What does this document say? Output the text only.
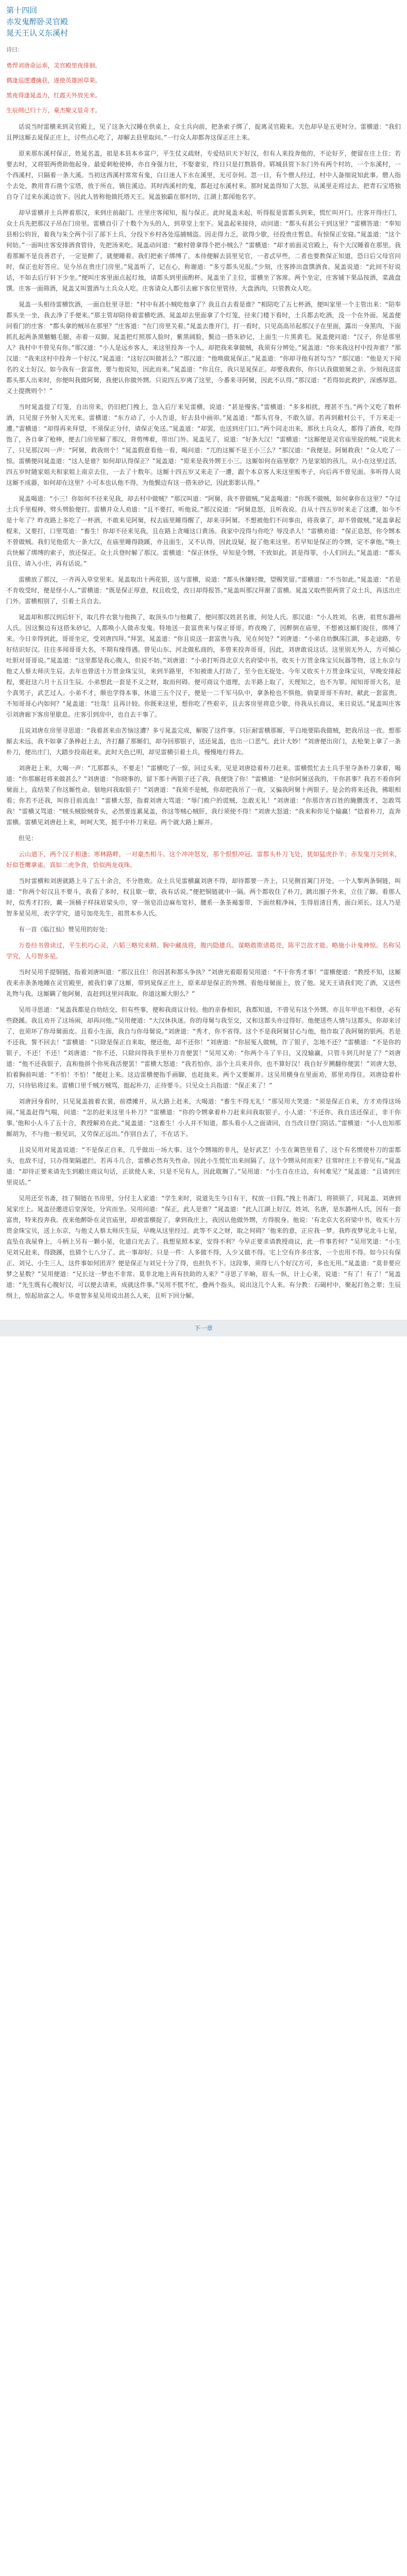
第十四回
赤发鬼醉卧灵官殿
晁天王认义东溪村
诗曰：

勇悍刘唐命运乖，灵官殿里夜徘徊。

偶逢巡逻遭擒获，遂使英雄困草莱。

黑夜得逢晁盖力，红霞天外放光来。

生辰纲已归十万，豪杰聚义显奇才。

话说当时雷横来到灵官殿上，见了这条大汉睡在供桌上，众土兵向前，把条索子绑了，捉离灵官殿来。天色却早是五更时分。雷横道：“我们且押这厮去晁保正庄上，讨些点心吃了，却解去县里取问。”一行众人却都奔这保正庄上来。

原来那东溪村保正，姓晁名盖，祖是本县本乡富户，平生仗义疏财，专爱结识天下好汉，但有人来投奔他的，不论好歹，便留在庄上住；若要去时，又将银两赍助他起身。最爱刺枪使棒，亦自身强力壮，不娶妻室，终日只是打熬筋骨。郓城县管下东门外有两个村坊，一个东溪村，一个西溪村，只隔着一条大溪。当初这西溪村常常有鬼，白日迷人下水在溪里，无可奈何。忽一日，有个僧人经过，村中人备细说知此事。僧人指个去处，教用青石凿个宝塔，放于所在，镇住溪边。其时西溪村的鬼，都赶过东溪村来。那时晁盖得知了大怒，从溪里走将过去，把青石宝塔独自夺了过来东溪边放下。因此人皆称他做托塔天王。晁盖独霸在那村坊，江湖上都闻他名字。

却早雷横并土兵押着那汉，来到庄前敲门。庄里庄客闻知，报与保正。此时晁盖未起，听得报是雷都头到来，慌忙叫开门。庄客开得庄门，众土兵先把那汉子吊在门房里。雷横自引了十数个为头的人，到草堂上坐下。晁盖起来接待，动问道：“都头有甚公干到这里？”雷横答道：“奉知县相公钧旨，着我与朱仝两个引了部下土兵，分投下乡村各处巡捕贼盗。因走得力乏，欲得少歇，径投贵庄暂息。有惊保正安寝。”晁盖道：“这个何妨。”一面叫庄客安排酒食管待，先把汤来吃。晁盖动问道：“敝村曾拿得个把小贼么？”雷横道：“却才前面灵官殿上，有个大汉睡着在那里。我看那厮不是良善君子，一定是醉了，就便睡着。我们把索子绑缚了，本待便解去县里见官，一者忒早些，二者也要教保正知道，恐日后父母官问时，保正也好答应。见今吊在贵庄门房里。”晁盖听了，记在心，称谢道：“多亏都头见报。”少刻，庄客捧出盘馔酒食。晁盖说道：“此间不好说话，不如去后厅轩下少坐。”便叫庄客里面点起灯烛，请都头到里面酌杯。晁盖坐了主位，雷横坐了客席。两个坐定，庄客铺下果品按酒，菜蔬盘馔。庄客一面筛酒，晁盖又叫置酒与土兵众人吃。庄客请众人都引去廊下客位里管待，大盘酒肉，只管教众人吃。

晁盖一头相待雷横饮酒，一面自肚里寻思：“村中有甚小贼吃他拿了？我且自去看是谁？”相陪吃了五七杯酒，便叫家里一个主管出来：“陪奉都头坐一坐，我去净了手便来。”那主管却陪侍着雷横吃酒。晁盖却去里面拿了个灯笼，径来门楼下看时，土兵都去吃酒，没一个在外面。晁盖便问看门的庄客：“都头拿的贼吊在那里？”庄客道：“在门房里关着。”晁盖去推开门，打一看时，只见高高吊起那汉子在里面，露出一身黑肉，下面抓扎起两条黑魆魆毛腿，赤着一双脚。晁盖把灯照那人脸时，紫黑阔脸，鬓边一搭朱砂记，上面生一片黑黄毛。晁盖便问道：“汉子，你是那里人？我村中不曾见有你。”那汉道：“小人是远乡客人，来这里投奔一个人，却把我来拿做贼，我须有分辨处。”晁盖道：“你来我这村中投奔谁？”那汉道：“我来这村中投奔一个好汉。”晁盖道：“这好汉叫做甚么？”那汉道：“他唤做晁保正。”晁盖道：“你却寻他有甚勾当？”那汉道：“他是天下闻名的义士好汉。如今我有一套富贵，要与他说知，因此而来。”晁盖道：“你且住，我只是晁保正。却要我救你，你只认我做娘舅之亲。少刻我送雷都头那人出来时，你便叫我做阿舅，我便认你做外甥。只说四五岁离了这里，今番来寻阿舅，因此不认得。”那汉道：“若得如此救护，深感厚恩。义士提携则个！”

当时晁盖提了灯笼，自出房来，仍旧把门拽上，急入后厅来见雷横，说道：“甚是慢客。”雷横道：“多多相扰，理甚不当。”两个又吃了数杯酒，只见窗子外射入天光来。雷横道：“东方动了，小人告退，好去县中画卯。”晁盖道：“都头官身，不敢久留。若再到敝村公干，千万来走一遭。”雷横道：“却得再来拜望，不须保正分付，请保正免送。”晁盖道：“却罢，也送到庄门口。”两个同走出来，那伙土兵众人，都得了酒食，吃得饱了，各自拿了枪棒，便去门房里解了那汉，背剪缚着，带出门外。晁盖见了，说道：“好条大汉！”雷横道：“这厮便是灵官庙里捉的贼。”说犹未了，只见那汉叫一声：“阿舅，救我则个！”晁盖假意看他一看，喝问道：“兀的这厮不是王小三么？”那汉道：“我便是。阿舅救我！”众人吃了一惊。雷横便问晁盖道：“这人是谁？如何却认得保正？”晁盖道：“原来是我外甥王小三。这厮如何在庙里歇？乃是家姐的孩儿，从小在这里过活，四五岁时随家姐夫和家姐上南京去住，一去了十数年。这厮十四五岁又来走了一遭，跟个本京客人来这里贩枣子，向后再不曾见面。多听得人说这厮不成器，如何却在这里？小可本也认他不得，为他鬓边有这一搭朱砂记，因此影影认得。”

晁盖喝道：“小三！你如何不径来见我，却去村中做贼？”那汉叫道：“阿舅，我不曾做贼。”晁盖喝道：“你既不做贼，如何拿你在这里？”夺过土兵手里棍棒，劈头劈脸便打。雷横并众人劝道：“且不要打，听他说。”那汉说道：“阿舅息怒，且听我说。自从十四五岁时来走了这遭，如今不是十年了？昨夜路上多吃了一杯酒，不敢来见阿舅，权去庙里睡得醒了，却来寻阿舅。不想被他们不问事由，将我拿了，却不曾做贼。”晁盖拿起棍来，又要打，口里骂道：“畜生！你却不径来见我，且在路上贪噇这口黄汤。我家中没得与你吃？辱没杀人！”雷横劝道：“保正息怒，你令甥本不曾做贼。我们见他偌大一条大汉，在庙里睡得跷蹊，亦且面生，又不认得，因此设疑，捉了他来这里。若早知是保正的令甥，定不拿他。”唤土兵快解了绑缚的索子，放还保正。众土兵登时解了那汉。雷横道：“保正休怪，早知是令甥，不致如此。甚是得罪，小人们回去。”晁盖道：“都头且住，请入小庄，再有话说。”

雷横放了那汉，一齐再入草堂里来。晁盖取出十两花银，送与雷横，说道：“都头休嫌轻微，望赐笑留。”雷横道：“不当如此。”晁盖道：“若是不肯收受时，便是怪小人。”雷横道：“既是保正厚意，权且收受，改日却得报答。”晁盖叫那汉拜谢了雷横。晁盖又取些银两赏了众土兵，再送出庄门外。雷横相别了，引着土兵自去。

晁盖却和那汉到后轩下，取几件衣裳与他换了，取顶头巾与他戴了，便问那汉姓甚名谁，何处人氏。那汉道：“小人姓刘，名唐，祖贯东潞州人氏。因这鬓边有这搭朱砂记，人都唤小人做赤发鬼。特地送一套富贵来与保正哥哥。昨夜晚了，因醉倒在庙里，不想被这厮们捉住，绑缚了来。今日幸得到此，哥哥坐定，受刘唐四拜。”拜罢，晁盖道：“你且说送一套富贵与我，见在何处？”刘唐道：“小弟自幼飘荡江湖，多走途路，专好结识好汉。往往多闻哥哥大名，不期有缘得遇。曾见山东、河北做私商的，多曾来投奔哥哥，因此，刘唐敢说这话。这里别无外人，方可倾心吐胆对哥哥说。”晁盖道：“这里都是我心腹人，但说不妨。”刘唐道：“小弟打听得北京大名府梁中书，收买十万贯金珠宝贝玩器等物，送上东京与他丈人蔡太师庆生辰。去年也曾送十万贯金珠宝贝，来到半路里，不知被谁人打劫了，至今也无捉处。今年又收买十万贯金珠宝贝，早晚安排起程，要赶这六月十五日生辰。小弟想此一套是不义之财，取而何碍。便可商议个道理，去半路上取了，天理知之，也不为罪。闻知哥哥大名，是个真男子，武艺过人。小弟不才，颇也学得本事，休道三五个汉子，便是一二千军马队中，拿条枪也不惧他。倘蒙哥哥不弃时，献此一套富贵。不知哥哥心内如何？”晁盖道：“壮哉！且再计较。你既来这里，想你吃了些艰辛，且去客房里将息少歇，待我从长商议，来日说话。”晁盖叫庄客引刘唐廊下客房里歇息。庄客引到房中，也自去干事了。

且说刘唐在房里寻思道：“我着甚来由苦恼这遭？多亏晁盖完成，解脱了这件事。只叵耐雷横那厮，平白地要陷我做贼，把我吊这一夜。想那厮去未远，我不如拿了条棒赶上去，齐打翻了那厮们，却夺回那银子，送还晁盖，也出一口恶气。此计大妙！”刘唐便出房门，去枪架上拿了一条朴刀，便出庄门，大踏步投南赶来。此时天色已明，却见雷横引着土兵，慢慢地行将去。

刘唐赶上来，大喝一声：“兀那都头，不要走！”雷横吃了一惊，回过头来，见是刘唐捻着朴刀赶来。雷横慌忙去土兵手里夺条朴刀拿着，喝道：“你那厮赶将来做甚么？”刘唐道：“你晓事的，留下那十两银子还了我，我便饶了你！”雷横道：“是你阿舅送我的，干你甚事？我若不看你阿舅面上，直结果了你这厮性命。刬地问我取银子！”刘唐道：“我须不是贼，你却把我吊了一夜，又骗我阿舅十两银子。是会的将来还我，佛眼相看；你若不还我，叫你目前流血！”雷横大怒，指着刘唐大骂道：“辱门败户的谎贼，怎敢无礼！”刘唐道：“你那诈害百姓的腌臜泼才，怎敢骂我！”雷横又骂道：“贼头贼脸贼骨头，必然要连累晁盖，你这等贼心贼肝，我行须使不得！”刘唐大怒道：“我来和你见个输赢！”捻着朴刀，直奔雷横。雷横见刘唐赶上来，呵呵大笑，挺手中朴刀来迎。两个就大路上厮并。

但见：

云山道下，两个汉子相逢；寒林路畔，一对豪杰相斗。这个冲冲怒发，那个恨恨冲冠。雷都头朴刀飞处，犹如猛虎扑羊；赤发鬼刀尖到来，好似苍鹰拿雀。真如二虎争食，恰似两龙戏珠。

当时雷横和刘唐就路上斗了五十余合，不分胜败。众土兵见雷横赢刘唐不得，却待都要一齐上，只见侧首篱门开处，一个人掣两条铜链，叫道：“你两个好汉且不要斗，我看了多时，权且歇一歇，我有话说。”便把铜链就中一隔。两个都收住了朴刀，跳出圈子外来，立住了脚。看那人时，似秀才打扮，戴一顶桶子样抹眉梁头巾，穿一领皂沿边麻布宽衫，腰系一条茶褐銮带，下面丝鞋净袜，生得眉清目秀，面白须长。这人乃是智多星吴用，表字学究，道号加亮先生，祖贯本乡人氏。

有一首《临江仙》赞吴用的好处：

万卷经书曾读过，平生机巧心灵，六韬三略究来精。胸中藏战将，腹内隐雄兵。谋略敢欺诸葛亮，陈平岂敌才能。略施小计鬼神惊。名称吴学究，人号智多星。

当时吴用手提铜链，指着刘唐叫道：“那汉且住！你因甚和都头争执？”刘唐光着眼看吴用道：“不干你秀才事！”雷横便道：“教授不知，这厮夜来赤条条地睡在灵官殿里，被我们拿了这厮，带到晁保正庄上，原来却是保正的外甥。看他母舅面上，放了他。晁天王请我们吃了酒，又送些礼物与我。这厮瞒了他阿舅，直赶到这里问我取。你道这厮大胆么？”

吴用寻思道：“晁盖我都是自幼结交，但有些事，便和我商议计较。他的亲眷相识，我都知道，不曾见有这个外甥。亦且年甲也不相登，必有些跷蹊。我且劝开了这场闹，却再问他。”吴用便道：“大汉休执迷。你的母舅与我至交，又和这都头亦过得好。他便送些人情与这都头，你却来讨了，也须坏了你母舅面皮。且看小生面，我自与你母舅说。”刘唐道：“秀才，你不省得。这个不是我阿舅甘心与他，他诈取了我阿舅的银两。若是不还我，誓不回去！”雷横道：“只除是保正自来取，便还他，却不还你！”刘唐道：“你屈冤人做贼，诈了银子，怎地不还？”雷横道：“不是你的银子，不还！不还！”刘唐道：“你不还，只除问得我手里朴刀肯便罢！”吴用又劝：“你两个斗了半日，又没输赢，只管斗到几时是了？”刘唐道：“他不还我银子，直和他拼个你死我活便罢！”雷横大怒道：“我若怕你，添个土兵来并你，也不算好汉！我自好歹搠翻你便罢！”刘唐大怒，拍着胸前叫道：“不怕！不怕！”便赶上来。这边雷横便指手画脚，也赶拢来。两个又要厮并。这吴用横身在里面劝，那里劝得住。刘唐捻着朴刀，只待钻将过来。雷横口里千贼万贼骂，挺起朴刀，正待要斗。只见众土兵指道：“保正来了！”

刘唐回身看时，只见晁盖披着衣裳，前襟摊开，从大路上赶来，大喝道：“畜生不得无礼！”那吴用大笑道：“须是保正自来，方才劝得这场闹。”晁盖赶得气喘，问道：“怎的赶来这里斗朴刀？”雷横道：“你的令甥拿着朴刀赶来问我取银子。小人道：‘不还你，我自送还保正，非干你事。’他和小人斗了五十合，教授解劝在此。”晁盖道：“这畜生！小人并不知道。都头看小人之面请回，自当改日登门陪话。”雷横道：“小人也知那厮胡为，不与他一般见识，又劳保正远出。”作别自去了，不在话下。

且说吴用对晁盖说道：“不是保正自来，几乎做出一场大事。这个令甥端的非凡，是好武艺！小生在篱笆里看了，这个有名惯使朴刀的雷都头，也敌不过，只办得架隔遮拦。若再斗几合，雷横必然有失性命。因此小生慌忙出来间隔了。这个令甥从何而来？往常时庄上不曾见有。”晁盖道：“却待正要来请先生到敝庄商议句话，正欲使人来，只是不见有人，因此耽搁了。”吴用道：“小生自在庄边，有何难见？”晁盖道：“且请到庄里说话。”

吴用还至书斋，挂了铜链在书房里，分付主人家道：“学生来时，说道先生今日有干，权放一日假。”拽上书斋门，将锁锁了，同晁盖、刘唐到晁家庄上。晁盖径邀进后堂深处，分宾而坐。吴用问道：“保正，此人是谁？”晁盖道：“此人江湖上好汉，姓刘，名唐，是东潞州人氏，因有一套富贵，特来投奔我。夜来他醉卧在灵官庙里，却被雷横捉了，拿到我庄上，我因认他做外甥，方得脱身。他说：‘有北京大名府梁中书，收买十万贯金珠宝贝，送上东京，与他丈人蔡太师庆生辰，早晚从这里经过。此等不义之财，取之何碍？’他来的意，正应我一梦。我昨夜梦见北斗七星，直坠在我屋脊上，斗柄上另有一颗小星，化道白光去了。我想星照本家，安得不利？今早正要求请教授商议，此一件事若何？”吴用笑道：“小生见刘兄赶来，得跷蹊，也猜个七八分了。此一事却好。只是一件：人多做不得，人少又做不得。宅上空有许多庄客，一个也用不得。如今只有保正、刘兄、小生三人，这件事如何团弄？便是保正与刘兄十分了得，也担负不下。这段事，须得七八个好汉方可，多也无用。”晁盖道：“莫非要应梦之星数？”吴用便道：“兄长这一梦也不非常。莫非北地上再有扶助的人来？”寻思了半晌，眉头一纵，计上心来，说道：“有了！有了！”晁盖道：“先生既有心腹好汉，可以便去请来，成就这件事。”吴用不慌不忙，叠两个指头，说出这几个人来。有分教：石碣村中，聚起打鱼之辈；生辰纲上，惊起劫富之人。毕竟智多星吴用说出甚么人来，且听下回分解。

下一章
